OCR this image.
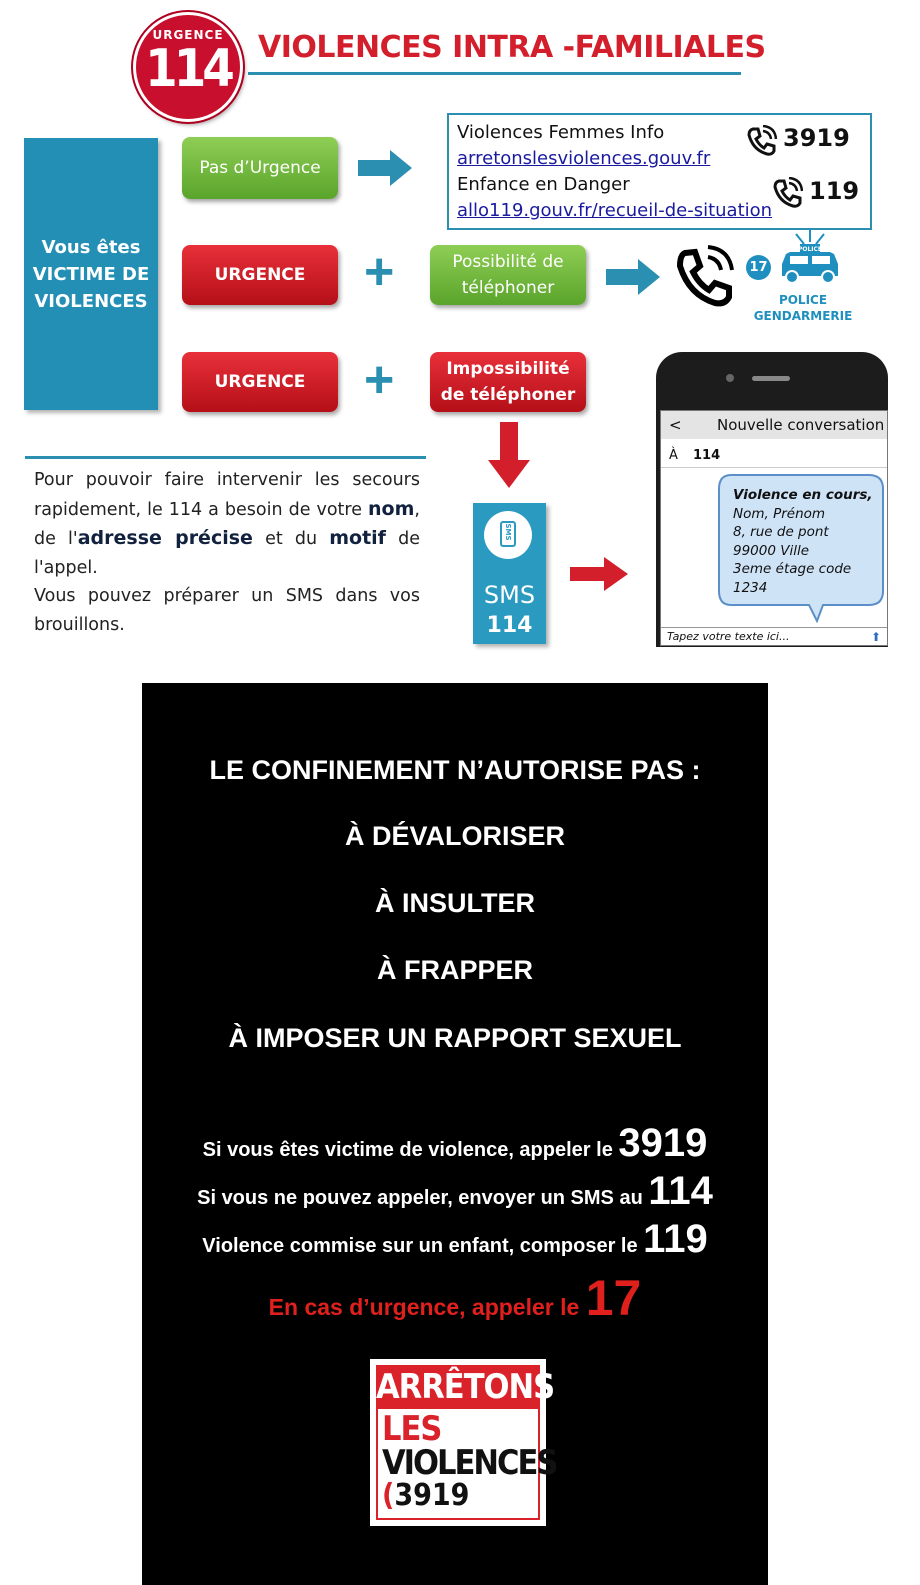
URGENCE
114 VIOLENCES INTRA -FAMILIALES
Vous êtes
VICTIME DE
VIOLENCES
Pas d’Urgence
Violences Femmes Info
arretonslesviolences.gouv.fr
3919
Enfance en Danger
allo119.gouv.fr/recueil-de-situation
119
URGENCE	+	Possibilité de
téléphoner
17
POLICE
POLICE
GENDARMERIE
URGENCE	+	Impossibilité
de téléphoner
Pour pouvoir faire intervenir les secours rapidement, le 114 a besoin de votre nom, de l'adresse précise et du motif de l'appel.
Vous pouvez préparer un SMS dans vos brouillons.
SMS
SMS
114
< Nouvelle conversation
À 114
Violence en cours,
Nom, Prénom
8, rue de pont
99000 Ville
3eme étage code
1234
Tapez votre texte ici...	⬆
LE CONFINEMENT N’AUTORISE PAS :
À DÉVALORISER
À INSULTER
À FRAPPER
À IMPOSER UN RAPPORT SEXUEL
Si vous êtes victime de violence, appeler le 3919
Si vous ne pouvez appeler, envoyer un SMS au 114
Violence commise sur un enfant, composer le 119
En cas d’urgence, appeler le 17
ARRÊTONS
LES
VIOLENCES
(3919
